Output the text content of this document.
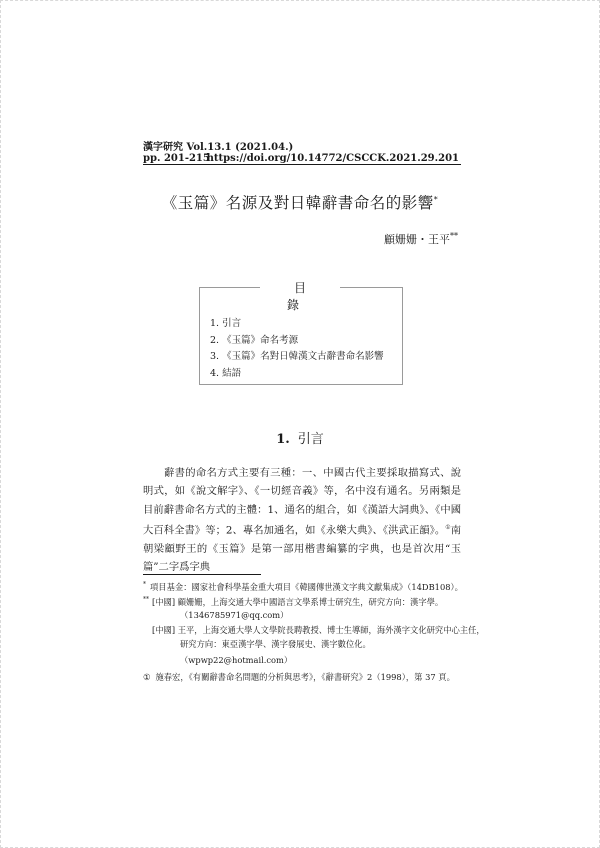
漢字研究 Vol.13.1 (2021.04.)
pp. 201-215
https://doi.org/10.14772/CSCCK.2021.29.201
《玉篇》名源及對日韓辭書命名的影響*
顧姗姗・王平**
目 錄
1. 引言
2. 《玉篇》命名考源
3. 《玉篇》名對日韓漢文古辭書命名影響
4. 結語
1. 引言
辭書的命名方式主要有三種：一、中國古代主要採取描寫式、說明式，如《說文解字》、《一切經音義》等，名中沒有通名。另兩類是目前辭書命名方式的主體：1、通名的組合，如《漢語大詞典》、《中國大百科全書》等；2、專名加通名，如《永樂大典》、《洪武正韻》。①南朝梁顧野王的《玉篇》是第一部用楷書編纂的字典，也是首次用“玉篇”二字爲字典
* 項目基金：國家社會科學基金重大項目《韓國傳世漢文字典文獻集成》（14DB108）。
** [中國] 顧姗姗，上海交通大學中國語言文學系博士研究生，研究方向：漢字學。
（1346785971@qq.com）
[中國] 王平，上海交通大學人文學院長聘教授、博士生導師，海外漢字文化研究中心主任，研究方向：東亞漢字學、漢字發展史、漢字數位化。
（wpwp22@hotmail.com）
① 施春宏，《有關辭書命名問題的分析與思考》，《辭書研究》2（1998），第 37 頁。
